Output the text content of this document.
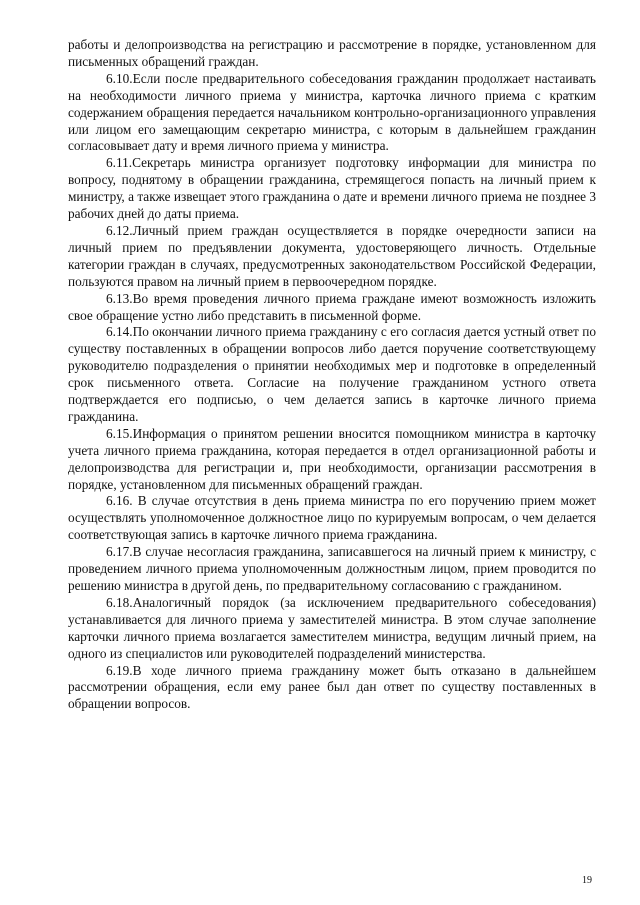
работы и делопроизводства на регистрацию и рассмотрение в порядке, установленном для письменных обращений граждан.

6.10.Если после предварительного собеседования гражданин продолжает настаивать на необходимости личного приема у министра, карточка личного приема с кратким содержанием обращения передается начальником контрольно-организационного управления или лицом его замещающим секретарю министра, с которым в дальнейшем гражданин согласовывает дату и время личного приема у министра.

6.11.Секретарь министра организует подготовку информации для министра по вопросу, поднятому в обращении гражданина, стремящегося попасть на личный прием к министру, а также извещает этого гражданина о дате и времени личного приема не позднее 3 рабочих дней до даты приема.

6.12.Личный прием граждан осуществляется в порядке очередности записи на личный прием по предъявлении документа, удостоверяющего личность. Отдельные категории граждан в случаях, предусмотренных законодательством Российской Федерации, пользуются правом на личный прием в первоочередном порядке.

6.13.Во время проведения личного приема граждане имеют возможность изложить свое обращение устно либо представить в письменной форме.

6.14.По окончании личного приема гражданину с его согласия дается устный ответ по существу поставленных в обращении вопросов либо дается поручение соответствующему руководителю подразделения о принятии необходимых мер и подготовке в определенный срок письменного ответа. Согласие на получение гражданином устного ответа подтверждается его подписью, о чем делается запись в карточке личного приема гражданина.

6.15.Информация о принятом решении вносится помощником министра в карточку учета личного приема гражданина, которая передается в отдел организационной работы и делопроизводства для регистрации и, при необходимости, организации рассмотрения в порядке, установленном для письменных обращений граждан.

6.16. В случае отсутствия в день приема министра по его поручению прием может осуществлять уполномоченное должностное лицо по курируемым вопросам, о чем делается соответствующая запись в карточке личного приема гражданина.

6.17.В случае несогласия гражданина, записавшегося на личный прием к министру, с проведением личного приема уполномоченным должностным лицом, прием проводится по решению министра в другой день, по предварительному согласованию с гражданином.

6.18.Аналогичный порядок (за исключением предварительного собеседования) устанавливается для личного приема у заместителей министра. В этом случае заполнение карточки личного приема возлагается заместителем министра, ведущим личный прием, на одного из специалистов или руководителей подразделений министерства.

6.19.В ходе личного приема гражданину может быть отказано в дальнейшем рассмотрении обращения, если ему ранее был дан ответ по существу поставленных в обращении вопросов.

19
